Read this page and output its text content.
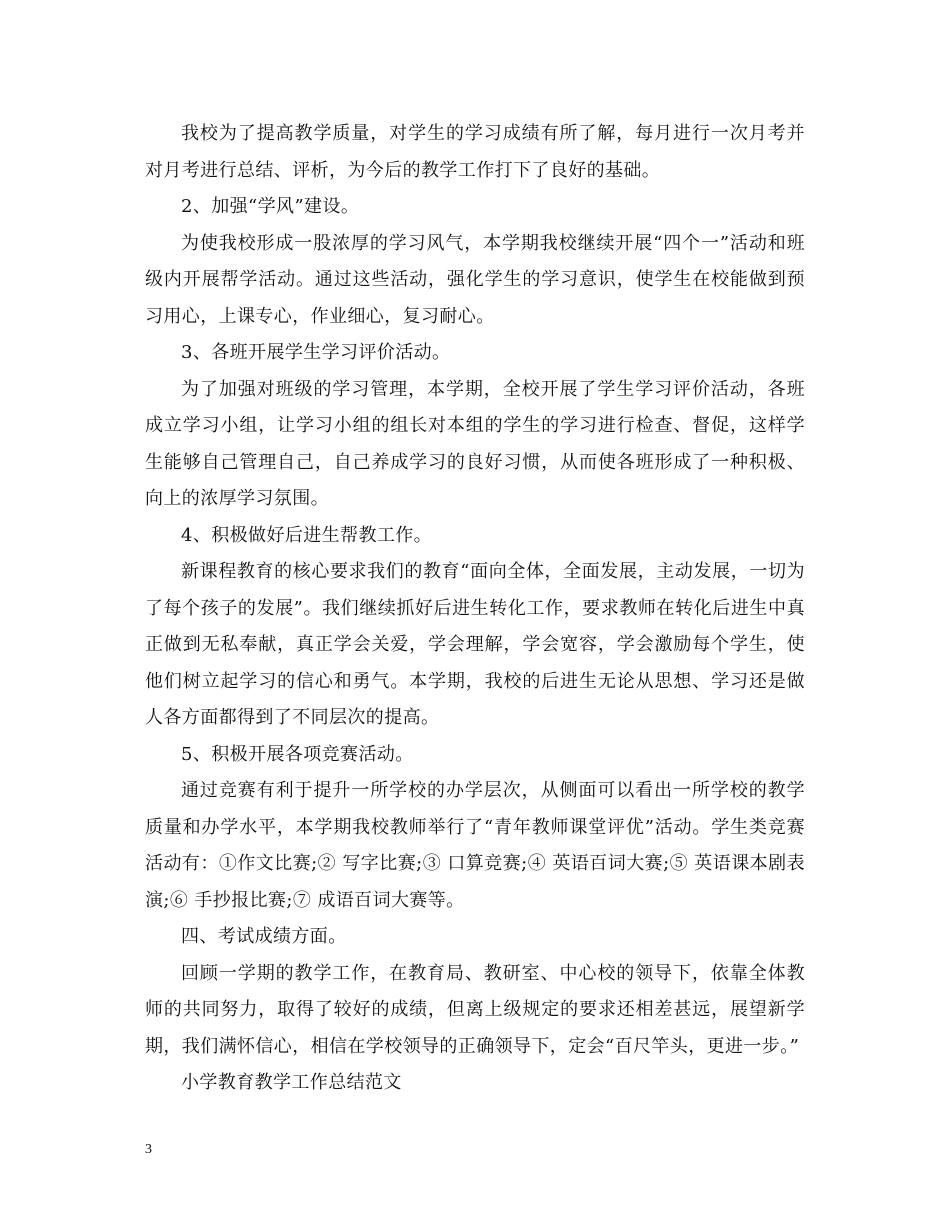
我校为了提高教学质量，对学生的学习成绩有所了解，每月进行一次月考并对月考进行总结、评析，为今后的教学工作打下了良好的基础。

2、加强“学风”建设。

为使我校形成一股浓厚的学习风气，本学期我校继续开展“四个一”活动和班级内开展帮学活动。通过这些活动，强化学生的学习意识，使学生在校能做到预习用心，上课专心，作业细心，复习耐心。

3、各班开展学生学习评价活动。

为了加强对班级的学习管理，本学期，全校开展了学生学习评价活动，各班成立学习小组，让学习小组的组长对本组的学生的学习进行检查、督促，这样学生能够自己管理自己，自己养成学习的良好习惯，从而使各班形成了一种积极、向上的浓厚学习氛围。

4、积极做好后进生帮教工作。

新课程教育的核心要求我们的教育“面向全体，全面发展，主动发展，一切为了每个孩子的发展”。我们继续抓好后进生转化工作，要求教师在转化后进生中真正做到无私奉献，真正学会关爱，学会理解，学会宽容，学会激励每个学生，使他们树立起学习的信心和勇气。本学期，我校的后进生无论从思想、学习还是做人各方面都得到了不同层次的提高。

5、积极开展各项竞赛活动。

通过竞赛有利于提升一所学校的办学层次，从侧面可以看出一所学校的教学质量和办学水平，本学期我校教师举行了“青年教师课堂评优”活动。学生类竞赛活动有：①作文比赛;② 写字比赛;③ 口算竞赛;④ 英语百词大赛;⑤ 英语课本剧表演;⑥ 手抄报比赛;⑦ 成语百词大赛等。

四、考试成绩方面。

回顾一学期的教学工作，在教育局、教研室、中心校的领导下，依靠全体教师的共同努力，取得了较好的成绩，但离上级规定的要求还相差甚远，展望新学期，我们满怀信心，相信在学校领导的正确领导下，定会“百尺竿头，更进一步。”

小学教育教学工作总结范文

3
